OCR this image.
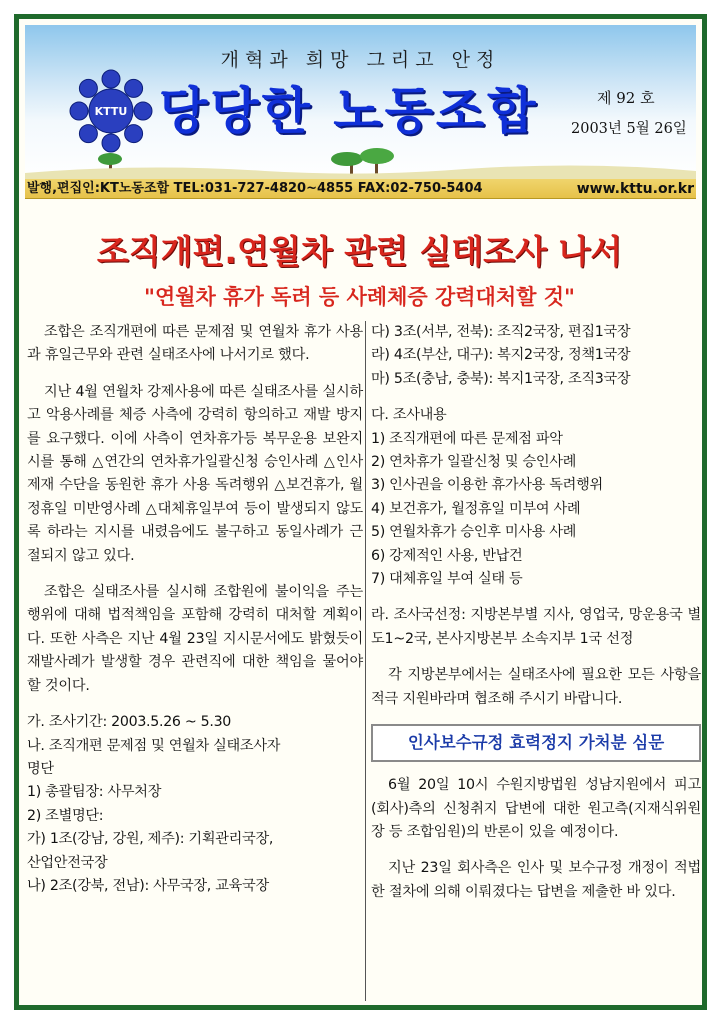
개혁과 희망 그리고 안정
KTTU 당당한 노동조합	제 92 호
2003년 5월 26일
발행,편집인:KT노동조합 TEL:031-727-4820~4855 FAX:02-750-5404	www.kttu.or.kr
조직개편.연월차 관련 실태조사 나서
"연월차 휴가 독려 등 사례체증 강력대처할 것"

조합은 조직개편에 따른 문제점 및 연월차 휴가 사용과 휴일근무와 관련 실태조사에 나서기로 했다.

지난 4월 연월차 강제사용에 따른 실태조사를 실시하고 악용사례를 체증 사측에 강력히 항의하고 재발 방지를 요구했다. 이에 사측이 연차휴가등 복무운용 보완지시를 통해 △연간의 연차휴가일괄신청 승인사례 △인사제재 수단을 동원한 휴가 사용 독려행위 △보건휴가, 월정휴일 미반영사례 △대체휴일부여 등이 발생되지 않도록 하라는 지시를 내렸음에도 불구하고 동일사례가 근절되지 않고 있다.

조합은 실태조사를 실시해 조합원에 불이익을 주는 행위에 대해 법적책임을 포함해 강력히 대처할 계획이다. 또한 사측은 지난 4월 23일 지시문서에도 밝혔듯이 재발사례가 발생할 경우 관련직에 대한 책임을 물어야 할 것이다.

가. 조사기간: 2003.5.26 ~ 5.30
나. 조직개편 문제점 및 연월차 실태조사자
명단
1) 총괄팀장: 사무처장
2) 조별명단:
가) 1조(강남, 강원, 제주): 기획관리국장,
산업안전국장
나) 2조(강북, 전남): 사무국장, 교육국장
다) 3조(서부, 전북): 조직2국장, 편집1국장
라) 4조(부산, 대구): 복지2국장, 정책1국장
마) 5조(충남, 충북): 복지1국장, 조직3국장
다. 조사내용
1) 조직개편에 따른 문제점 파악
2) 연차휴가 일괄신청 및 승인사례
3) 인사권을 이용한 휴가사용 독려행위
4) 보건휴가, 월정휴일 미부여 사례
5) 연월차휴가 승인후 미사용 사례
6) 강제적인 사용, 반납건
7) 대체휴일 부여 실태 등

라. 조사국선정: 지방본부별 지사, 영업국, 망운용국 별도1~2국, 본사지방본부 소속지부 1국 선정

각 지방본부에서는 실태조사에 필요한 모든 사항을 적극 지원바라며 협조해 주시기 바랍니다.

인사보수규정 효력정지 가처분 심문

6월 20일 10시 수원지방법원 성남지원에서 피고(회사)측의 신청취지 답변에 대한 원고측(지재식위원장 등 조합임원)의 반론이 있을 예정이다.

지난 23일 회사측은 인사 및 보수규정 개정이 적법한 절차에 의해 이뤄졌다는 답변을 제출한 바 있다.
